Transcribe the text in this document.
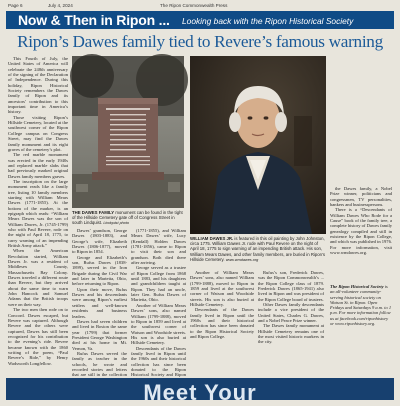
Page 6	July 4, 2024	The Ripon Commonwealth Press
Now & Then in Ripon ... Looking back with the Ripon Historical Society
Ripon’s Dawes family tied to Revere’s famous warning

This Fourth of July, the United States of America will celebrate the 248th anniversary of the signing of the Declaration of Independence. During this holiday, Ripon Historical Society remembers the Dawes family of Ripon and its ancestors’ contribution to this important time in America’s history.

Those visiting Ripon’s Hillside Cemetery, located at the southwest corner of the Ripon College campus on Congress Street, may find the Dawes family monument and its eight graves of the cemetery’s plot.

The red marble monument was erected in the early 1940s and replaced marble slabs that had previously marked original Dawes family members graves.

The inscription on the large monument reads like a family tree, listing 10 family members starting with William Mears Dawes (1771-1855). At the bottom of the marker, is an epigraph which reads: “William Mears Dawes was the son of William Dawes, Jr. (1745-1799) who with Paul Revere, rode on the night of April 18, 1775, to carry warning of an impending British Army attack.”

When the American Revolution started, William Dawes Jr. was a resident of Middlesex County, Massachusetts Bay Colony. Dawes traveled a different route than Revere, but they arrived about the same time to warn John Hancock and Samuel Adams that the British troops were on their way.

The two men then rode on to Concord. Dawes escaped, but Revere was captured. Although Revere and the others were captured, Dawes has still been recognized for his contribution to the evening’s ride. Revere became known with the 1860 writing of the poem, “Paul Revere’s Ride,” by Henry Wadsworth Longfellow.

THE DAWES FAMILY monument can be found in the tight of the Hillside Cemetery gate off of Congress Street in south Lindquist. Lindquist photo

Dawes’ grandson, George Dawes (1803-1883), and George’s wife, Elizabeth Dawes (1806-1877), moved to Ripon in 1854.

George and Elizabeth’s son, Rufus Dawes (1838-1899), served in the Iron Brigade during the Civil War and later in Marietta, Ohio, before returning to Ripon.

Upon their move, Rufus Dawes and his descendants were among Ripon’s earliest settlers and well-known residents and business leaders.

Dawes had seven children and lived in Boston the same year (1799) that former President George Washington died at his home in Mt. Vernon, Va.

Rufus Dawes served the family as teacher in the schools, he wrote and recorded stories and letters that are still in the collection

(1771-1855), and William Mears Dawes’ wife, Lucy (Kendall) Holden Dawes (1781-1856), came to Ripon to visit their son and grandson. Both died there after arriving.

George served as a trustee of Ripon College from 1868 until 1883, and his daughters and grandchildren taught at Ripon. They had an uncle, later Gen. Rufus Dawes of Marietta, Ohio.

Another of William Mears Dawes’ sons, also named William (1799-1888), moved to Ripon in 1859 and lived at the southwest corner of Watson and Woodside streets. His son is also buried at Hillside Cemetery.

Descendants of the Dawes family lived in Ripon until the 1960s and their historical collection has since been donated to the Ripon Historical Society and Ripon

WILLIAM DAWES JR. is featured in this oil painting by John Johnston, circa 1775. William Dawes Jr. rode with Paul Revere on the night of April 18, 1775 to sign warning of an impending British attack. His son, William Mears Dawes, and other family members, are buried in Ripon’s Hillside Cemetery. www.wmdawes.org

Rufus’s son, Frederick Dawes, was the Ripon Commonwealth’s ... the Ripon College class of 1879. Frederick Dawes (1865-1941) also lived in Ripon and was president of the Ripon College board of trustees.

Other Dawes family descendants include a vice president of the United States, Charles G. Dawes, and a Nobel Peace Prize winner.

The Dawes family monument at Hillside Cemetery remains one of the most visited historic markers in the city.

the Dawes family, a Nobel Prize winner, politicians and congressmen, TV personalities, bankers and businesspersons.

There is a “Descendants of William Dawes Who Rode for a Cause” book of the family tree, a complete history of Dawes family genealogy compiled and still in existence by the Ripon College, and which was published in 1976. For more information, visit www.wmdawes.org.

The Ripon Historical Society is an all-volunteer community-serving historical society on Watson St. in Ripon. Open Fridays and Saturdays 9 a.m. to 1 p.m. For more information follow us at facebook.com/riponhistory or www.riponhistory.org.

Another of William Mears Dawes’ sons, also named William (1799-1888), moved to Ripon in 1859 and lived at the southwest corner of Watson and Woodside streets. His son is also buried at Hillside Cemetery.

Descendants of the Dawes family lived in Ripon until the 1960s and their historical collection has since been donated to the Ripon Historical Society and Ripon College.

Meet Your
